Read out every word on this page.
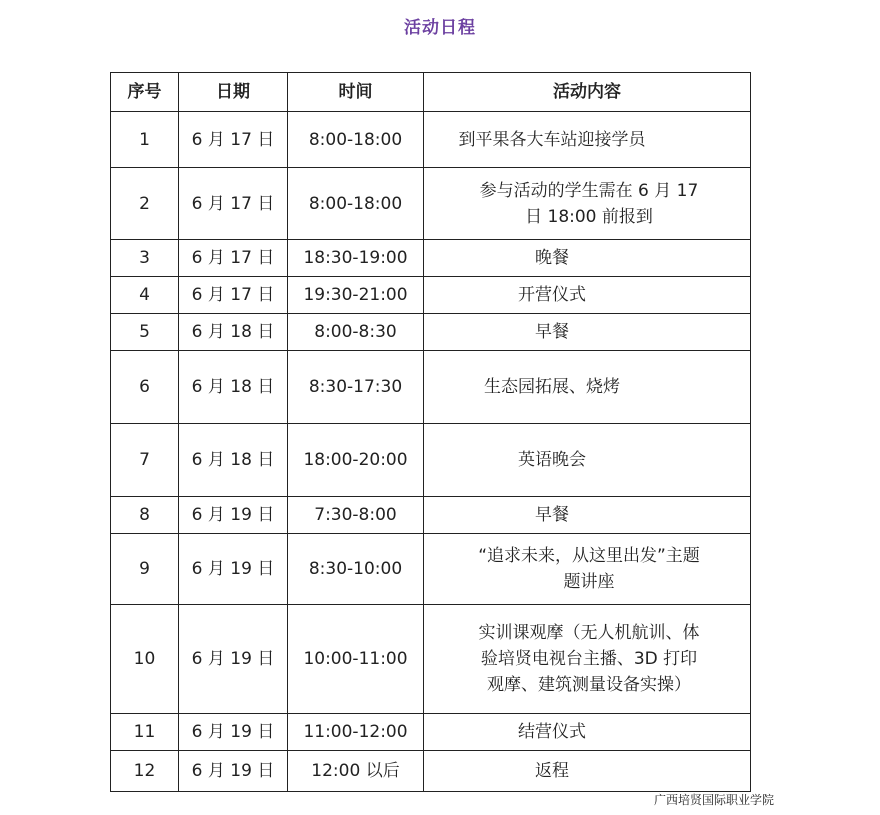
活动日程
序号	日期	时间	活动内容
1	6 月 17 日	8:00-18:00	到平果各大车站迎接学员

2	6 月 17 日	8:00-18:00	参与活动的学生需在 6 月 17
日 18:00 前报到

3	6 月 17 日	18:30-19:00	晚餐

4	6 月 17 日	19:30-21:00	开营仪式

5	6 月 18 日	8:00-8:30	早餐

6	6 月 18 日	8:30-17:30	生态园拓展、烧烤

7	6 月 18 日	18:00-20:00	英语晚会

8	6 月 19 日	7:30-8:00	早餐

9	6 月 19 日	8:30-10:00	“追求未来，从这里出发”主题
题讲座

10	6 月 19 日	10:00-11:00	实训课观摩（无人机航训、体
验培贤电视台主播、3D 打印
观摩、建筑测量设备实操）

11	6 月 19 日	11:00-12:00	结营仪式

12	6 月 19 日	12:00 以后	返程
广西培贤国际职业学院
